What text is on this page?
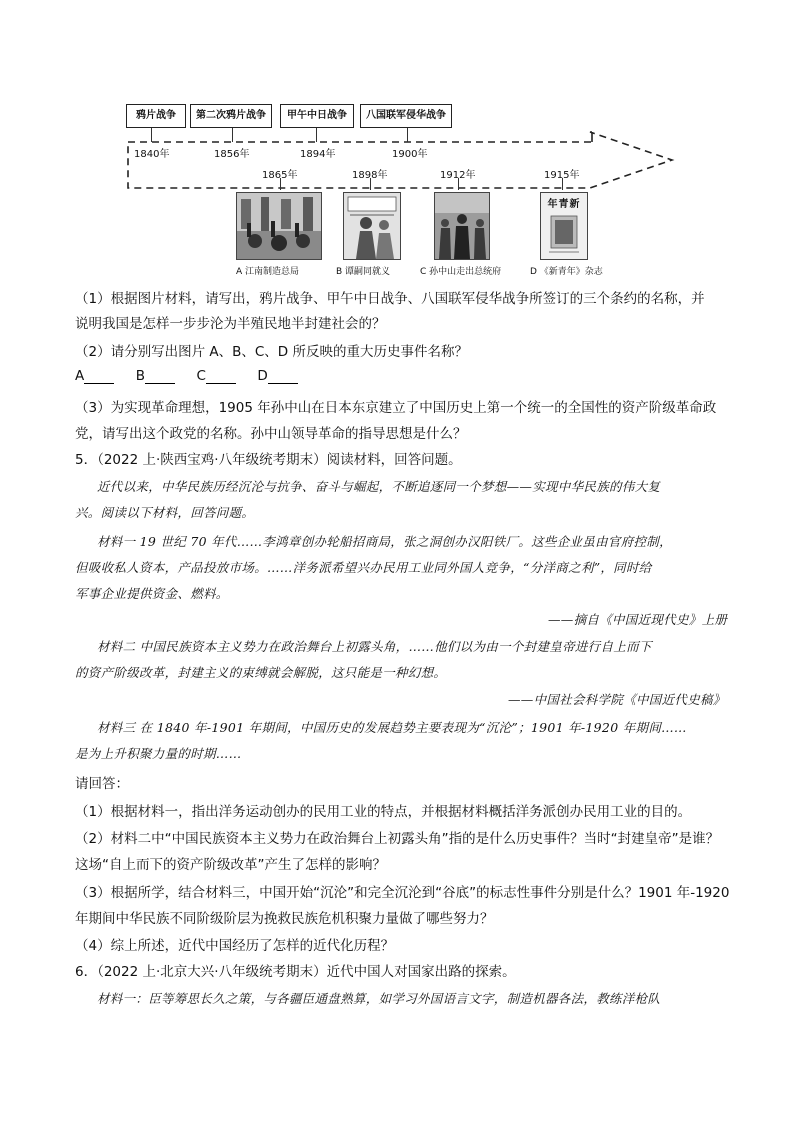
鸦片战争	第二次鸦片战争	甲午中日战争	八国联军侵华战争
1840年	1856年	1894年	1900年
1865年	1898年	1912年	1915年
年青新
A 江南制造总局	B 谭嗣同就义	C 孙中山走出总统府	D 《新青年》杂志
（1）根据图片材料，请写出，鸦片战争、甲午中日战争、八国联军侵华战争所签订的三个条约的名称，并
说明我国是怎样一步步沦为半殖民地半封建社会的？
（2）请分别写出图片 A、B、C、D 所反映的重大历史事件名称？
A	B	C	D
（3）为实现革命理想，1905 年孙中山在日本东京建立了中国历史上第一个统一的全国性的资产阶级革命政
党，请写出这个政党的名称。孙中山领导革命的指导思想是什么？
5．（2022 上·陕西宝鸡·八年级统考期末）阅读材料，回答问题。
近代以来，中华民族历经沉沦与抗争、奋斗与崛起，不断追逐同一个梦想——实现中华民族的伟大复
兴。阅读以下材料，回答问题。
材料一 19 世纪 70 年代……李鸿章创办轮船招商局，张之洞创办汉阳铁厂。这些企业虽由官府控制，
但吸收私人资本，产品投放市场。……洋务派希望兴办民用工业同外国人竞争，“分洋商之利”，同时给
军事企业提供资金、燃料。
——摘自《中国近现代史》上册
材料二 中国民族资本主义势力在政治舞台上初露头角，……他们以为由一个封建皇帝进行自上而下
的资产阶级改革，封建主义的束缚就会解脱，这只能是一种幻想。
——中国社会科学院《中国近代史稿》
材料三 在 1840 年-1901 年期间，中国历史的发展趋势主要表现为“沉沦”；1901 年-1920 年期间……
是为上升积聚力量的时期……
请回答：
（1）根据材料一，指出洋务运动创办的民用工业的特点，并根据材料概括洋务派创办民用工业的目的。
（2）材料二中“中国民族资本主义势力在政治舞台上初露头角”指的是什么历史事件？当时“封建皇帝”是谁？
这场“自上而下的资产阶级改革”产生了怎样的影响？
（3）根据所学，结合材料三，中国开始“沉沦”和完全沉沦到“谷底”的标志性事件分别是什么？1901 年-1920
年期间中华民族不同阶级阶层为挽救民族危机积聚力量做了哪些努力？
（4）综上所述，近代中国经历了怎样的近代化历程？
6．（2022 上·北京大兴·八年级统考期末）近代中国人对国家出路的探索。
材料一：臣等筹思长久之策，与各疆臣通盘熟算，如学习外国语言文字，制造机器各法，教练洋枪队
